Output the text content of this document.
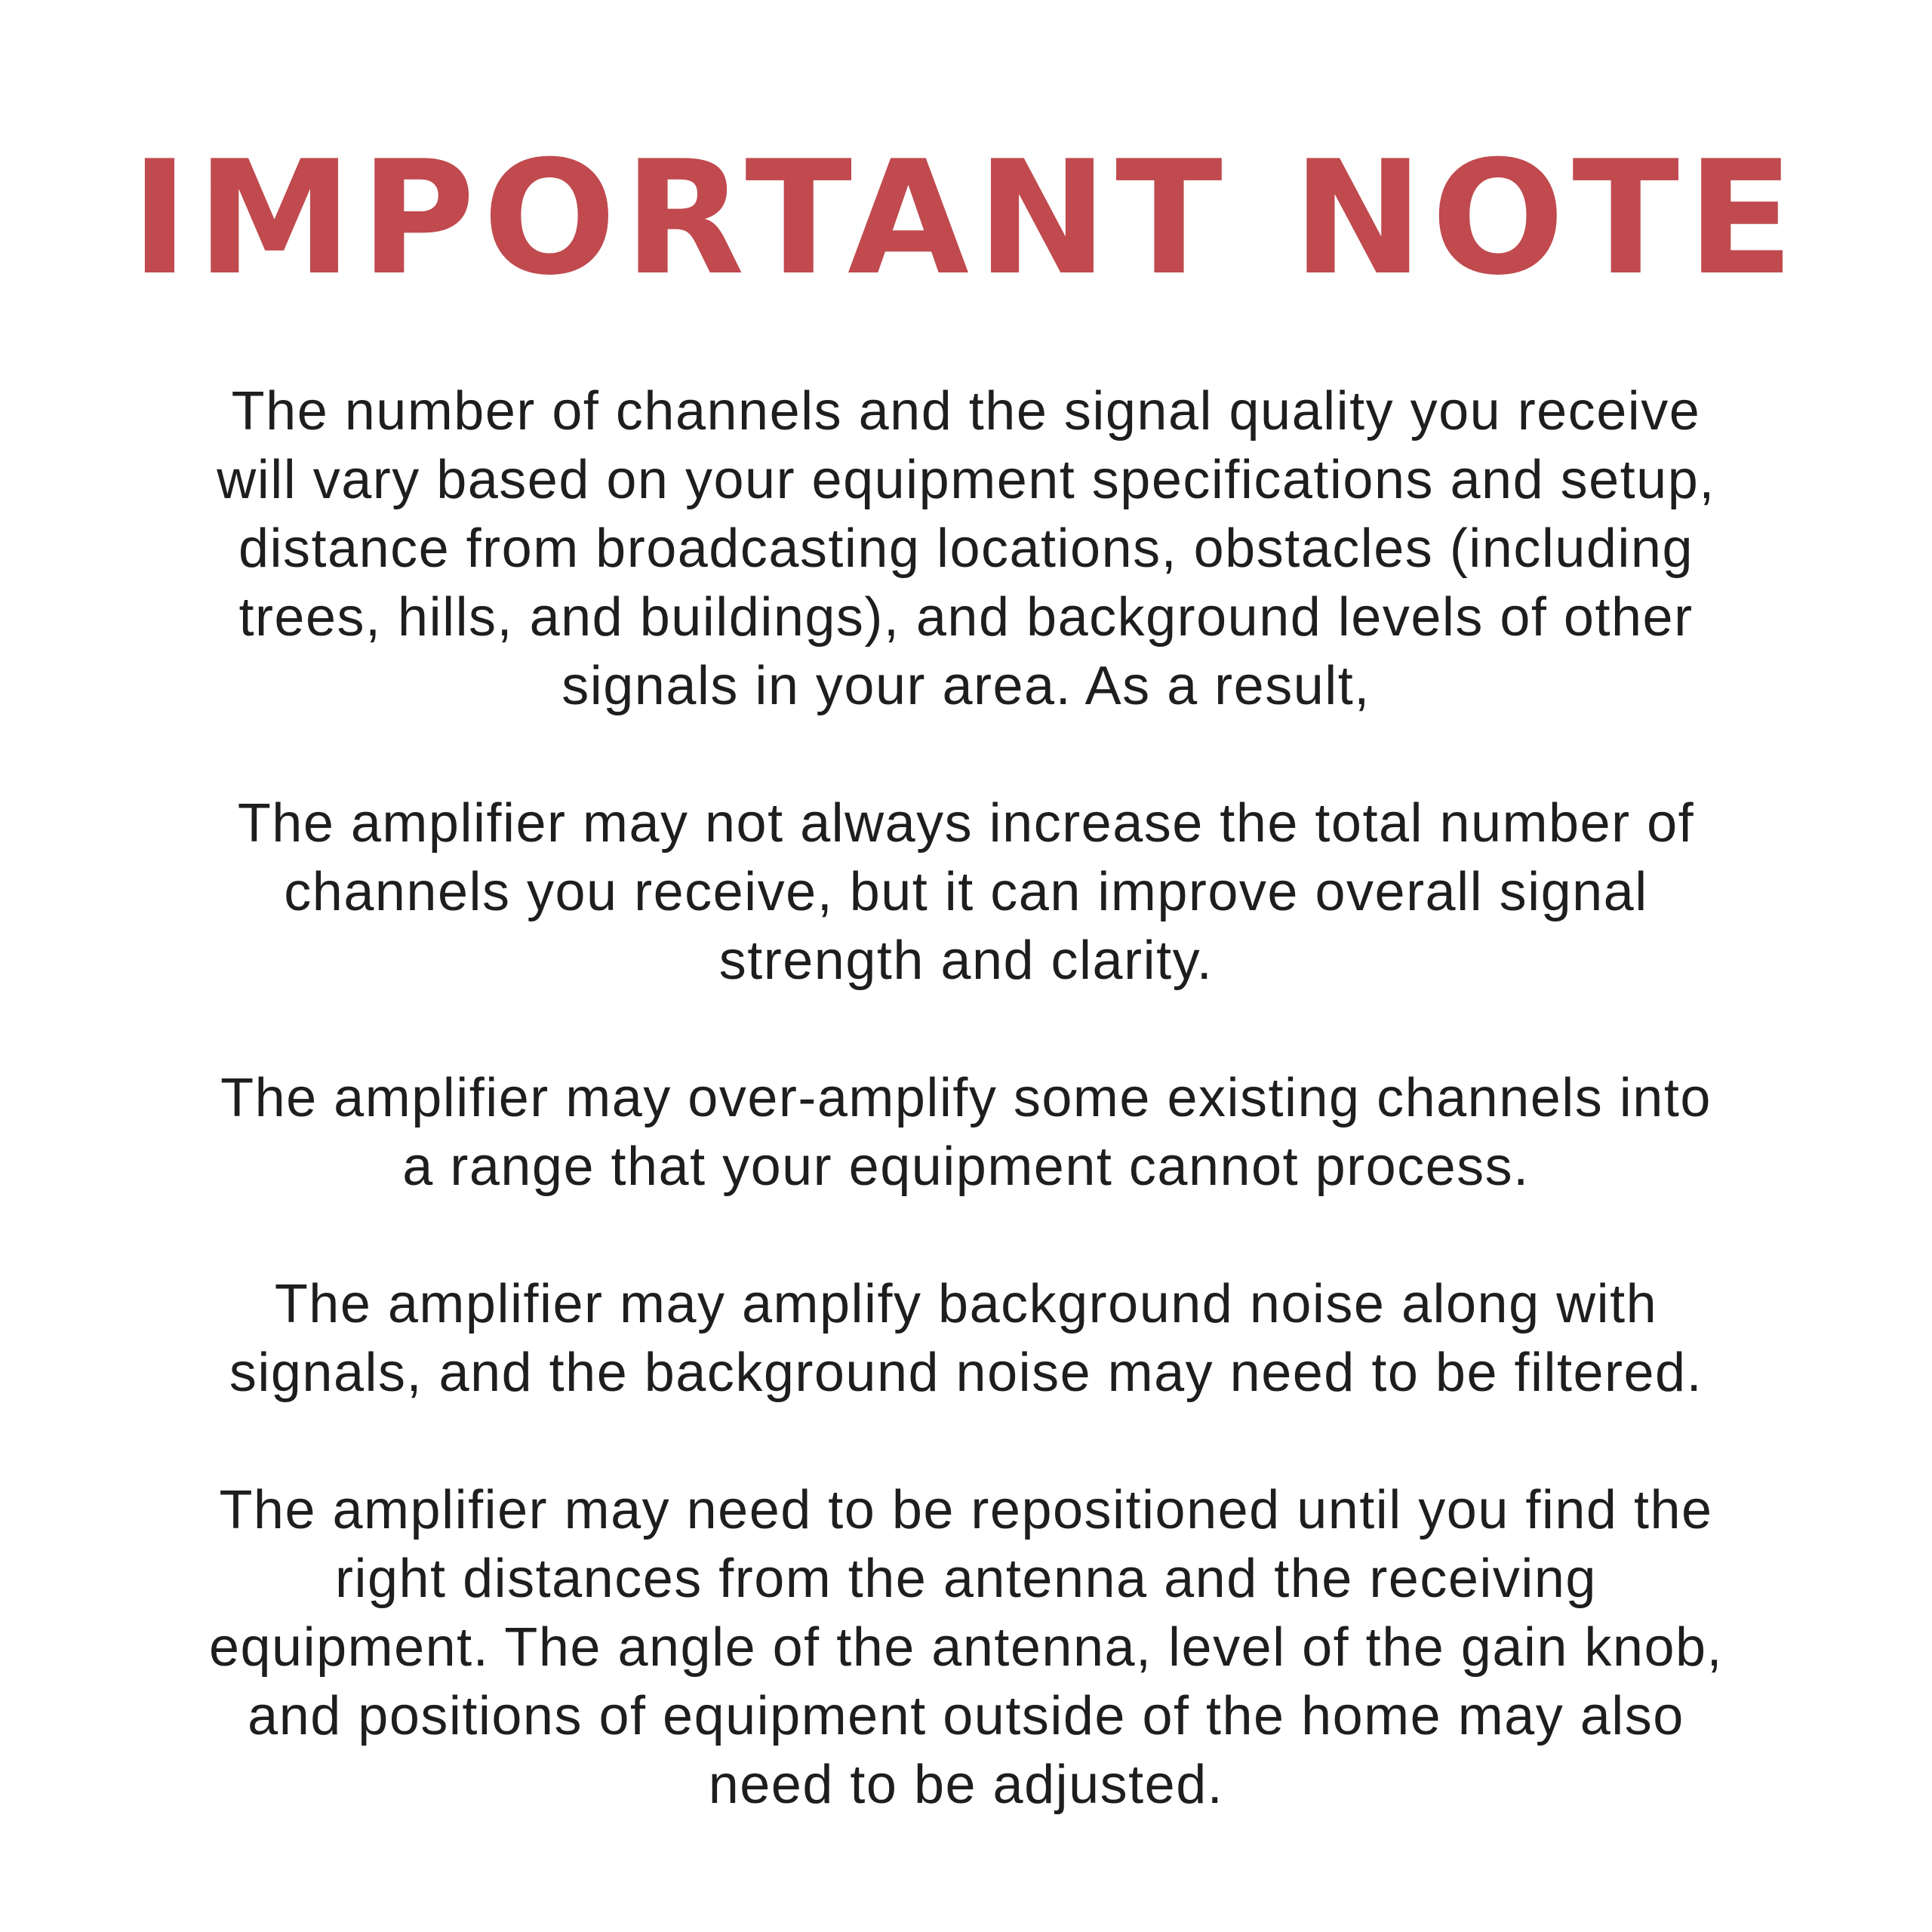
IMPORTANT NOTE

The number of channels and the signal quality you receive
will vary based on your equipment specifications and setup,
distance from broadcasting locations, obstacles (including
trees, hills, and buildings), and background levels of other
signals in your area. As a result,

The amplifier may not always increase the total number of
channels you receive, but it can improve overall signal
strength and clarity.

The amplifier may over-amplify some existing channels into
a range that your equipment cannot process.

The amplifier may amplify background noise along with
signals, and the background noise may need to be filtered.

The amplifier may need to be repositioned until you find the
right distances from the antenna and the receiving
equipment. The angle of the antenna, level of the gain knob,
and positions of equipment outside of the home may also
need to be adjusted.
